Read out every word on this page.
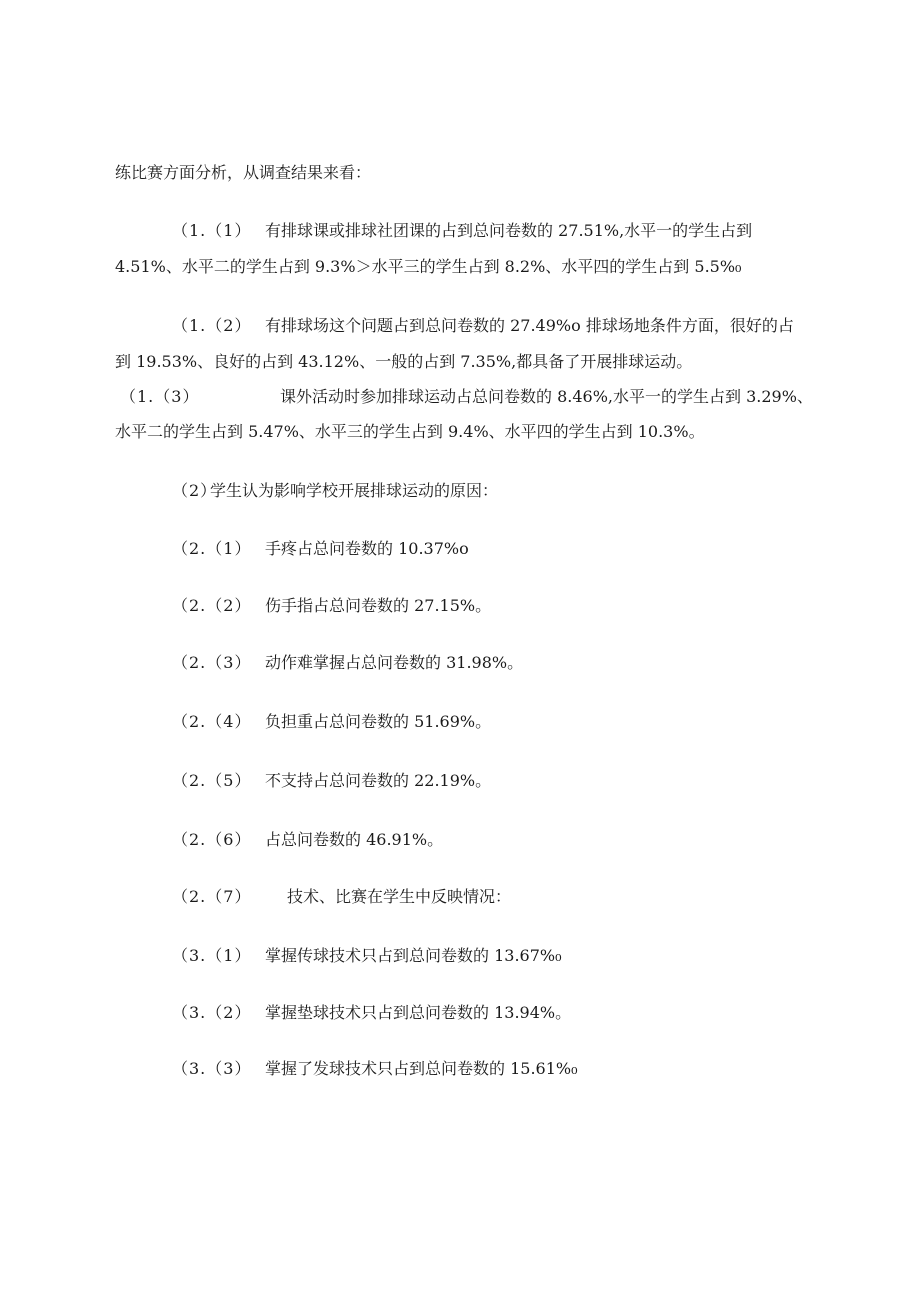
练比赛方面分析，从调查结果来看：
（1.（1） 有排球课或排球社团课的占到总问卷数的 27.51%,水平一的学生占到
4.51%、水平二的学生占到 9.3%＞水平三的学生占到 8.2%、水平四的学生占到 5.5%₀
（1.（2） 有排球场这个问题占到总问卷数的 27.49%o 排球场地条件方面，很好的占
到 19.53%、良好的占到 43.12%、一般的占到 7.35%,都具备了开展排球运动。
（1.（3）	课外活动时参加排球运动占总问卷数的 8.46%,水平一的学生占到 3.29%、
水平二的学生占到 5.47%、水平三的学生占到 9.4%、水平四的学生占到 10.3%。
（2）
学生认为影响学校开展排球运动的原因：
（2.（1） 手疼占总问卷数的 10.37%o
（2.（2） 伤手指占总问卷数的 27.15%。
（2.（3） 动作难掌握占总问卷数的 31.98%。
（2.（4） 负担重占总问卷数的 51.69%。
（2.（5） 不支持占总问卷数的 22.19%。
（2.（6） 占总问卷数的 46.91%。
（2.（7） 技术、比赛在学生中反映情况：
（3.（1） 掌握传球技术只占到总问卷数的 13.67%₀
（3.（2） 掌握垫球技术只占到总问卷数的 13.94%。
（3.（3） 掌握了发球技术只占到总问卷数的 15.61%₀
